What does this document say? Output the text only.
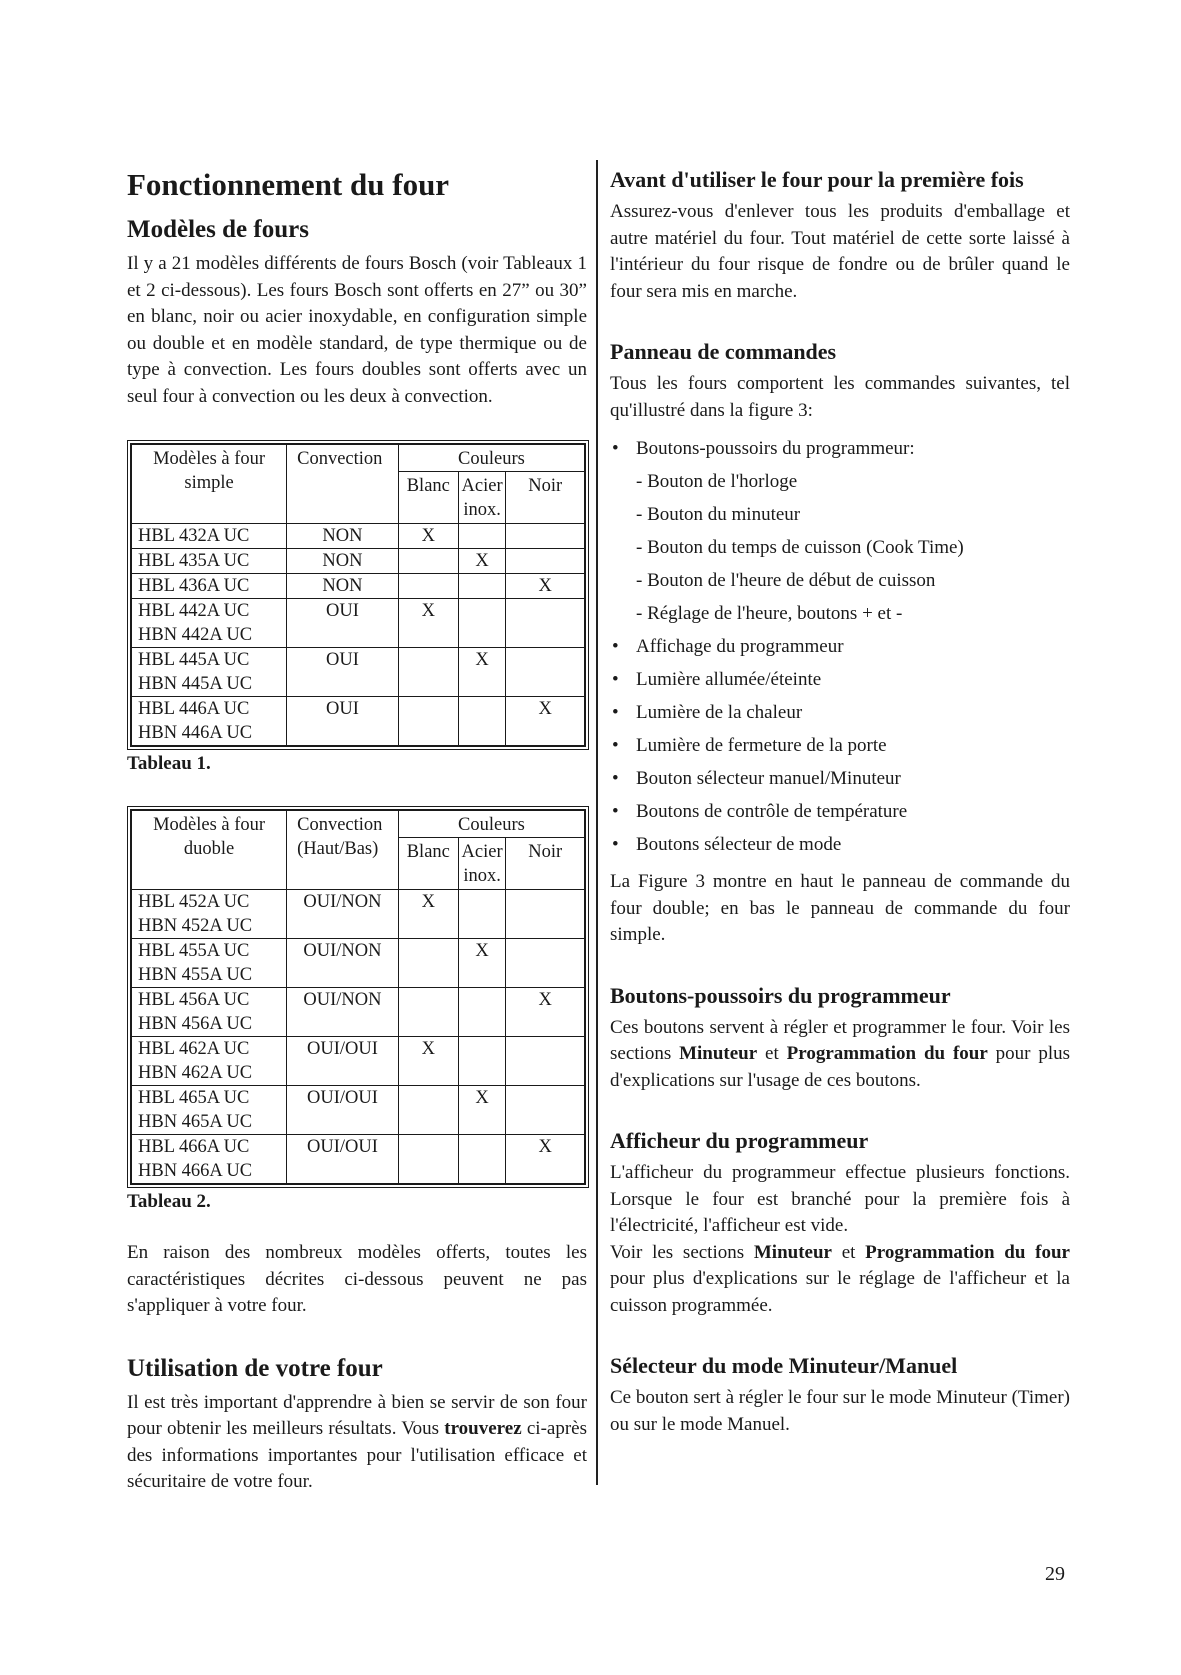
Fonctionnement du four
Modèles de fours

Il y a 21 modèles différents de fours Bosch (voir Tableaux 1 et 2 ci-dessous). Les fours Bosch sont offerts en 27” ou 30” en blanc, noir ou acier inoxydable, en configuration simple ou double et en modèle standard, de type thermique ou de type à convection. Les fours doubles sont offerts avec un seul four à convection ou les deux à convection.

Modèles à four simple	Convection	Couleurs		
		Blanc	Acier inox.	Noir

HBL 432A UC	NON	X		

HBL 435A UC	NON		X	

HBL 436A UC	NON			X

HBL 442A UC
HBN 442A UC	OUI	X		

HBL 445A UC
HBN 445A UC	OUI		X	

HBL 446A UC
HBN 446A UC	OUI			X
Tableau 1.
Modèles à four duoble	Convection (Haut/Bas)	Couleurs		
		Blanc	Acier inox.	Noir

HBL 452A UC
HBN 452A UC	OUI/NON	X		

HBL 455A UC
HBN 455A UC	OUI/NON		X	

HBL 456A UC
HBN 456A UC	OUI/NON			X

HBL 462A UC
HBN 462A UC	OUI/OUI	X		

HBL 465A UC
HBN 465A UC	OUI/OUI		X	

HBL 466A UC
HBN 466A UC	OUI/OUI			X
Tableau 2.

En raison des nombreux modèles offerts, toutes les caractéristiques décrites ci-dessous peuvent ne pas s'appliquer à votre four.

Utilisation de votre four

Il est très important d'apprendre à bien se servir de son four pour obtenir les meilleurs résultats. Vous trouverez ci-après des informations importantes pour l'utilisation efficace et sécuritaire de votre four.

Avant d'utiliser le four pour la première fois

Assurez-vous d'enlever tous les produits d'emballage et autre matériel du four. Tout matériel de cette sorte laissé à l'intérieur du four risque de fondre ou de brûler quand le four sera mis en marche.

Panneau de commandes

Tous les fours comportent les commandes suivantes, tel qu'illustré dans la figure 3:

• Boutons-poussoirs du programmeur:
- Bouton de l'horloge
- Bouton du minuteur
- Bouton du temps de cuisson (Cook Time)
- Bouton de l'heure de début de cuisson
- Réglage de l'heure, boutons + et -
• Affichage du programmeur
• Lumière allumée/éteinte
• Lumière de la chaleur
• Lumière de fermeture de la porte
• Bouton sélecteur manuel/Minuteur
• Boutons de contrôle de température
• Boutons sélecteur de mode

La Figure 3 montre en haut le panneau de commande du four double; en bas le panneau de commande du four simple.

Boutons-poussoirs du programmeur

Ces boutons servent à régler et programmer le four. Voir les sections Minuteur et Programmation du four pour plus d'explications sur l'usage de ces boutons.

Afficheur du programmeur

L'afficheur du programmeur effectue plusieurs fonctions. Lorsque le four est branché pour la première fois à l'électricité, l'afficheur est vide.

Voir les sections Minuteur et Programmation du four pour plus d'explications sur le réglage de l'afficheur et la cuisson programmée.

Sélecteur du mode Minuteur/Manuel

Ce bouton sert à régler le four sur le mode Minuteur (Timer) ou sur le mode Manuel.

29
